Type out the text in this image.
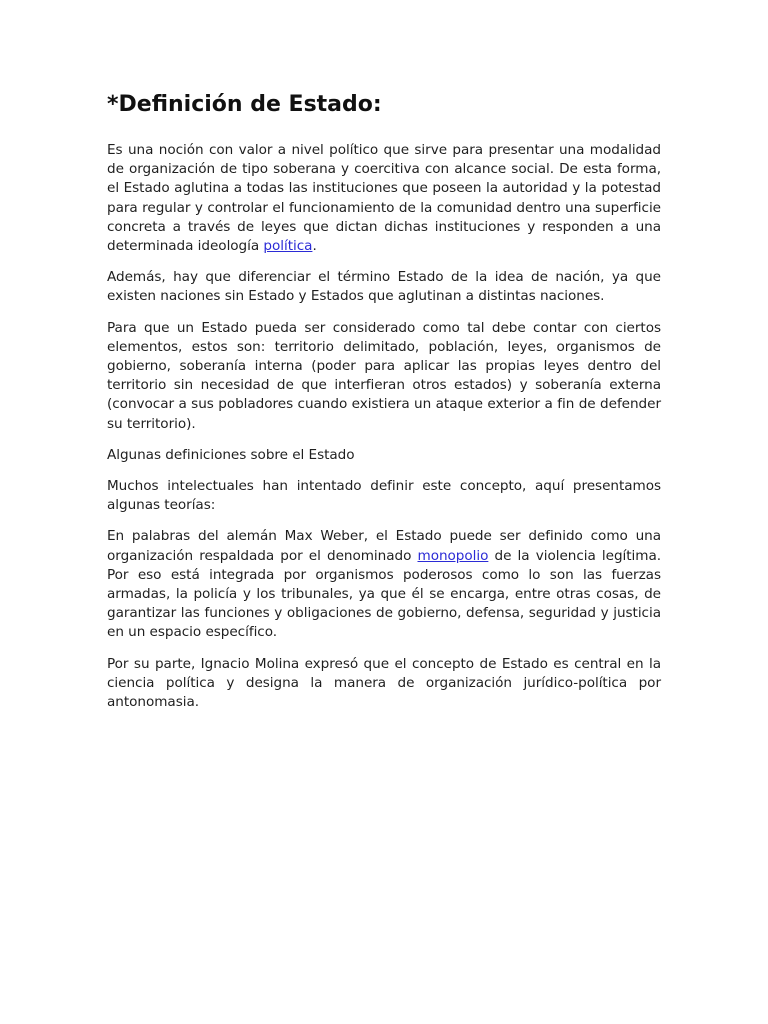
*Definición de Estado:

Es una noción con valor a nivel político que sirve para presentar una modalidad de organización de tipo soberana y coercitiva con alcance social. De esta forma, el Estado aglutina a todas las instituciones que poseen la autoridad y la potestad para regular y controlar el funcionamiento de la comunidad dentro una superficie concreta a través de leyes que dictan dichas instituciones y responden a una determinada ideología política.

Además, hay que diferenciar el término Estado de la idea de nación, ya que existen naciones sin Estado y Estados que aglutinan a distintas naciones.

Para que un Estado pueda ser considerado como tal debe contar con ciertos elementos, estos son: territorio delimitado, población, leyes, organismos de gobierno, soberanía interna (poder para aplicar las propias leyes dentro del territorio sin necesidad de que interfieran otros estados) y soberanía externa (convocar a sus pobladores cuando existiera un ataque exterior a fin de defender su territorio).

Algunas definiciones sobre el Estado

Muchos intelectuales han intentado definir este concepto, aquí presentamos algunas teorías:

En palabras del alemán Max Weber, el Estado puede ser definido como una organización respaldada por el denominado monopolio de la violencia legítima. Por eso está integrada por organismos poderosos como lo son las fuerzas armadas, la policía y los tribunales, ya que él se encarga, entre otras cosas, de garantizar las funciones y obligaciones de gobierno, defensa, seguridad y justicia en un espacio específico.

Por su parte, Ignacio Molina expresó que el concepto de Estado es central en la ciencia política y designa la manera de organización jurídico-política por antonomasia.
